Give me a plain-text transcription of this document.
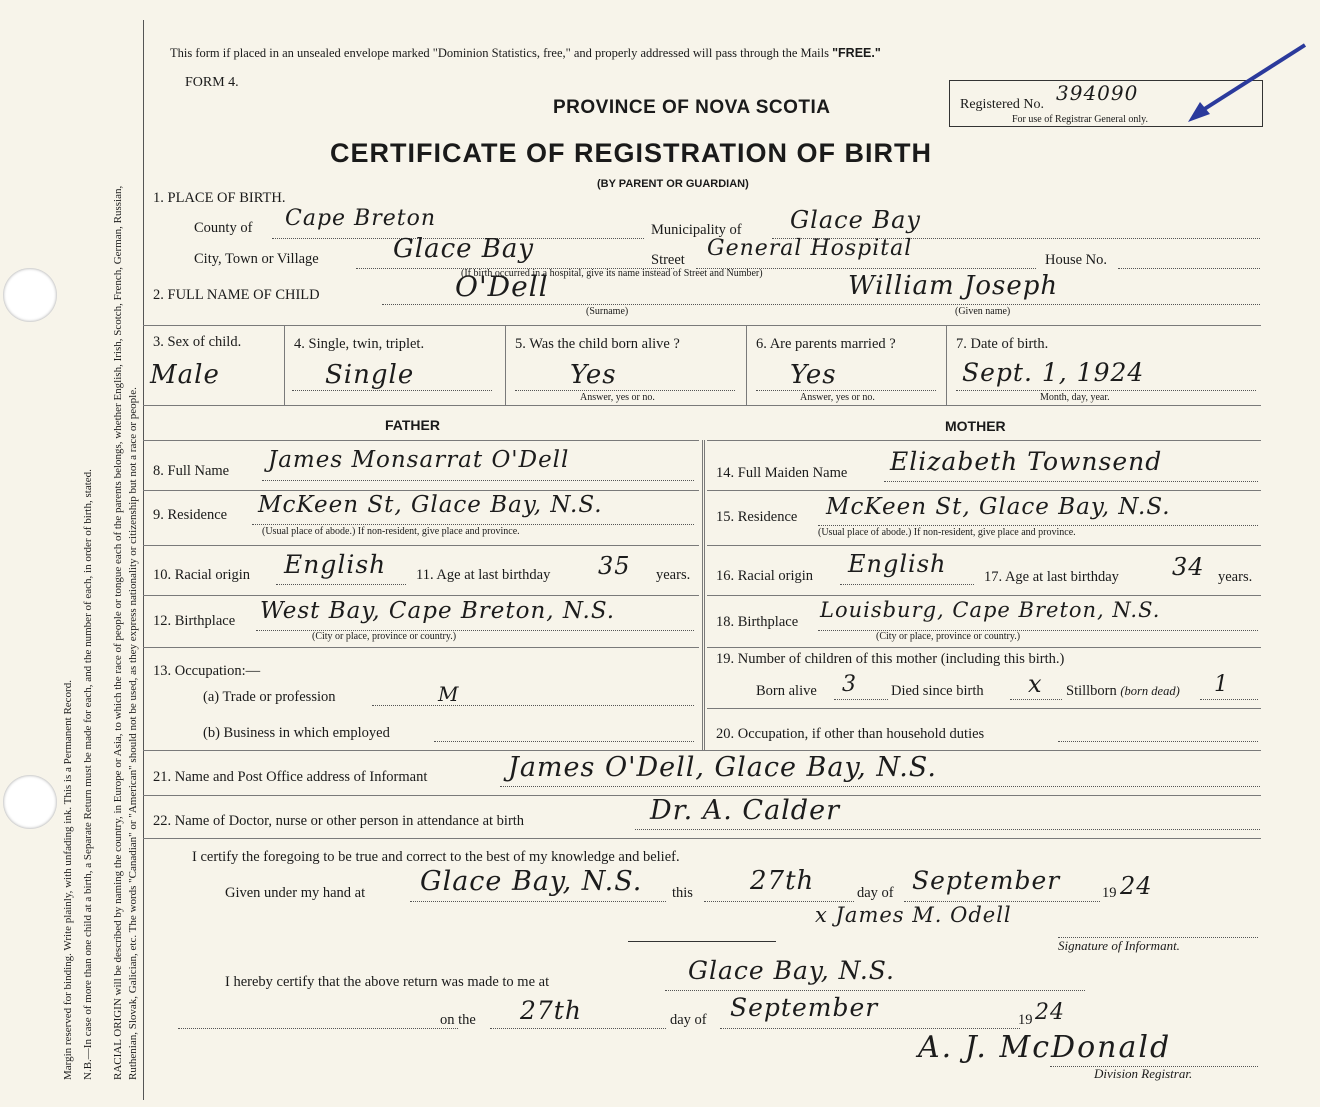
Margin reserved for binding. Write plainly, with unfading ink. This is a Permanent Record. N.B.—In case of more than one child at a birth, a Separate Return must be made for each, and the number of each, in order of birth, stated. RACIAL ORIGIN will be described by naming the country, in Europe or Asia, to which the race of people or tongue each of the parents belongs, whether English, Irish, Scotch, French, German, Russian, Ruthenian, Slovak, Galician, etc. The words "Canadian" or "American" should not be used, as they express nationality or citizenship but not a race or people.
This form if placed in an unsealed envelope marked "Dominion Statistics, free," and properly addressed will pass through the Mails "FREE."
FORM 4.
PROVINCE OF NOVA SCOTIA
CERTIFICATE OF REGISTRATION OF BIRTH
(BY PARENT OR GUARDIAN)
Registered No. 394090
For use of Registrar General only.
1. PLACE OF BIRTH.
County of Cape Breton	Municipality of Glace Bay
City, Town or Village	Glace Bay	Street General Hospital	House No.
(If birth occurred in a hospital, give its name instead of Street and Number)
2. FULL NAME OF CHILD	O'Dell	William Joseph
(Surname)	(Given name)
3. Sex of child.
Male
4. Single, twin, triplet.
Single
5. Was the child born alive ?
Yes
Answer, yes or no.
6. Are parents married ?
Yes
Answer, yes or no.
7. Date of birth.
Sept. 1, 1924
Month, day, year.
FATHER	MOTHER
8. Full Name James Monsarrat O'Dell
9. Residence McKeen St, Glace Bay, N.S.
(Usual place of abode.) If non-resident, give place and province.
10. Racial origin English 11. Age at last birthday 35 years.
12. Birthplace West Bay, Cape Breton, N.S.
(City or place, province or country.)
13. Occupation:—
(a) Trade or profession	M
(b) Business in which employed
14. Full Maiden Name Elizabeth Townsend
15. Residence McKeen St, Glace Bay, N.S.
(Usual place of abode.) If non-resident, give place and province.
16. Racial origin English	17. Age at last birthday 34 years.
18. Birthplace Louisburg, Cape Breton, N.S.
(City or place, province or country.)
19. Number of children of this mother (including this birth.)
Born alive 3 Died since birth x Stillborn (born dead) 1
20. Occupation, if other than household duties
21. Name and Post Office address of Informant	James O'Dell, Glace Bay, N.S.
22. Name of Doctor, nurse or other person in attendance at birth	Dr. A. Calder
I certify the foregoing to be true and correct to the best of my knowledge and belief.
Given under my hand at Glace Bay, N.S. this 27th	day of September	19 24
x James M. Odell
Signature of Informant.
I hereby certify that the above return was made to me at	Glace Bay, N.S.
on the 27th	day of September	19 24
A. J. McDonald
Division Registrar.
